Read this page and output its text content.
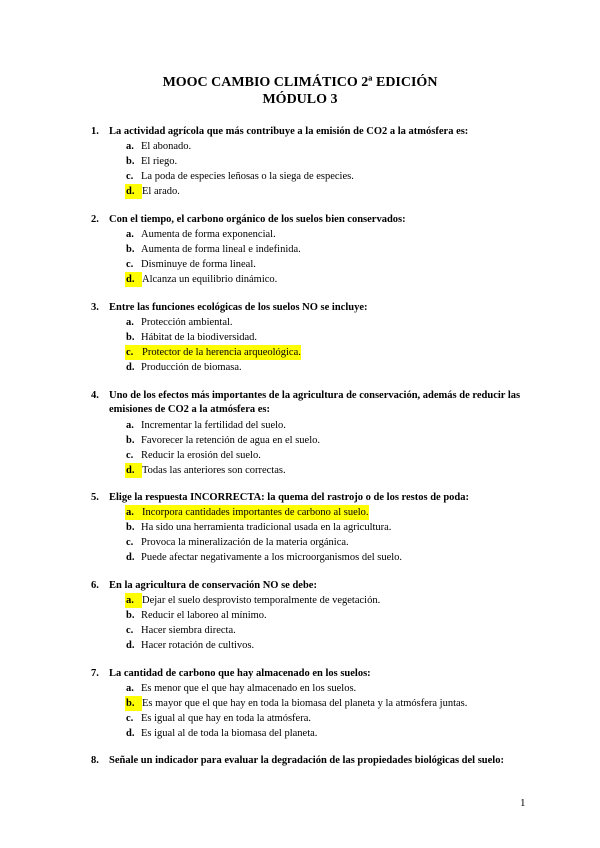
MOOC CAMBIO CLIMÁTICO 2ª EDICIÓN
MÓDULO 3
1. La actividad agrícola que más contribuye a la emisión de CO2 a la atmósfera es:
a. El abonado.
b. El riego.
c. La poda de especies leñosas o la siega de especies.
d. El arado.
2. Con el tiempo, el carbono orgánico de los suelos bien conservados:
a. Aumenta de forma exponencial.
b. Aumenta de forma lineal e indefinida.
c. Disminuye de forma lineal.
d. Alcanza un equilibrio dinámico.
3. Entre las funciones ecológicas de los suelos NO se incluye:
a. Protección ambiental.
b. Hábitat de la biodiversidad.
c. Protector de la herencia arqueológica.
d. Producción de biomasa.
4. Uno de los efectos más importantes de la agricultura de conservación, además de reducir las emisiones de CO2 a la atmósfera es:
a. Incrementar la fertilidad del suelo.
b. Favorecer la retención de agua en el suelo.
c. Reducir la erosión del suelo.
d. Todas las anteriores son correctas.
5. Elige la respuesta INCORRECTA: la quema del rastrojo o de los restos de poda:
a. Incorpora cantidades importantes de carbono al suelo.
b. Ha sido una herramienta tradicional usada en la agricultura.
c. Provoca la mineralización de la materia orgánica.
d. Puede afectar negativamente a los microorganismos del suelo.
6. En la agricultura de conservación NO se debe:
a. Dejar el suelo desprovisto temporalmente de vegetación.
b. Reducir el laboreo al mínimo.
c. Hacer siembra directa.
d. Hacer rotación de cultivos.
7. La cantidad de carbono que hay almacenado en los suelos:
a. Es menor que el que hay almacenado en los suelos.
b. Es mayor que el que hay en toda la biomasa del planeta y la atmósfera juntas.
c. Es igual al que hay en toda la atmósfera.
d. Es igual al de toda la biomasa del planeta.
8. Señale un indicador para evaluar la degradación de las propiedades biológicas del suelo:
1
